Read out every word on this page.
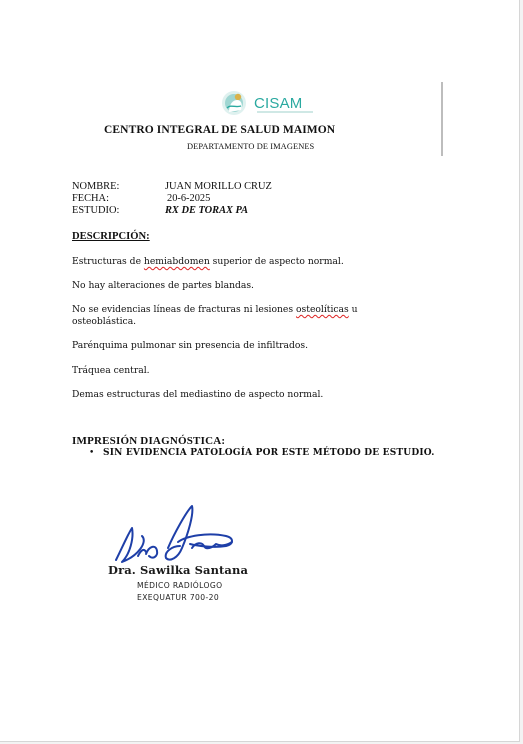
CISAM
CENTRO INTEGRAL DE SALUD MAIMON
DEPARTAMENTO DE IMAGENES
NOMBRE:	JUAN MORILLO CRUZ
FECHA:	20-6-2025
ESTUDIO:	RX DE TORAX PA
DESCRIPCIÓN:
Estructuras de hemiabdomen superior de aspecto normal.
No hay alteraciones de partes blandas.
No se evidencias líneas de fracturas ni lesiones osteolíticas u osteoblástica.
Parénquima pulmonar sin presencia de infiltrados.
Tráquea central.
Demas estructuras del mediastino de aspecto normal.
IMPRESIÓN DIAGNÓSTICA:
• SIN EVIDENCIA PATOLOGÍA POR ESTE MÉTODO DE ESTUDIO.
Dra. Sawilka Santana
MÉDICO RADIÓLOGO
EXEQUATUR 700-20
